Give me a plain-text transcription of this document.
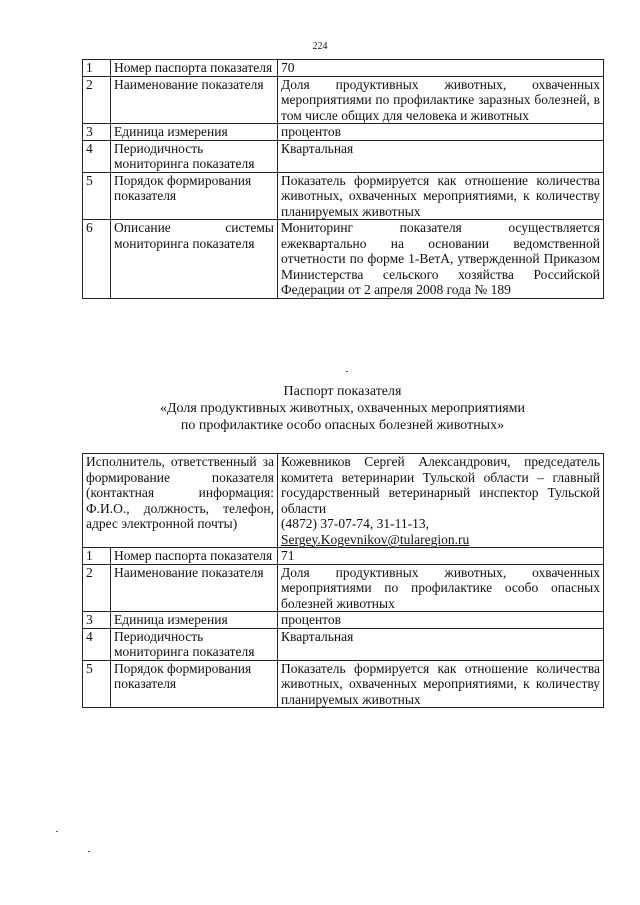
224
1	Номер паспорта показателя	70
2	Наименование показателя	Доля продуктивных животных, охваченных мероприятиями по профилактике заразных болезней, в том числе общих для человека и животных
3	Единица измерения	процентов
4	Периодичность мониторинга показателя	Квартальная
5	Порядок формирования показателя	Показатель формируется как отношение количества животных, охваченных мероприятиями, к количеству планируемых животных
6	Описание системы мониторинга показателя	Мониторинг показателя осуществляется ежеквартально на основании ведомственной отчетности по форме 1-ВетА, утвержденной Приказом Министерства сельского хозяйства Российской Федерации от 2 апреля 2008 года № 189
Паспорт показателя
«Доля продуктивных животных, охваченных мероприятиями
по профилактике особо опасных болезней животных»
Исполнитель, ответственный за формирование показателя (контактная информация: Ф.И.О., должность, телефон, адрес электронной почты)		Кожевников Сергей Александрович, председатель комитета ветеринарии Тульской области – главный государственный ветеринарный инспектор Тульской области
(4872) 37-07-74, 31-11-13,
Sergey.Kogevnikov@tularegion.ru

1	Номер паспорта показателя	71
2	Наименование показателя	Доля продуктивных животных, охваченных мероприятиями по профилактике особо опасных болезней животных
3	Единица измерения	процентов
4	Периодичность мониторинга показателя	Квартальная
5	Порядок формирования показателя	Показатель формируется как отношение количества животных, охваченных мероприятиями, к количеству планируемых животных
